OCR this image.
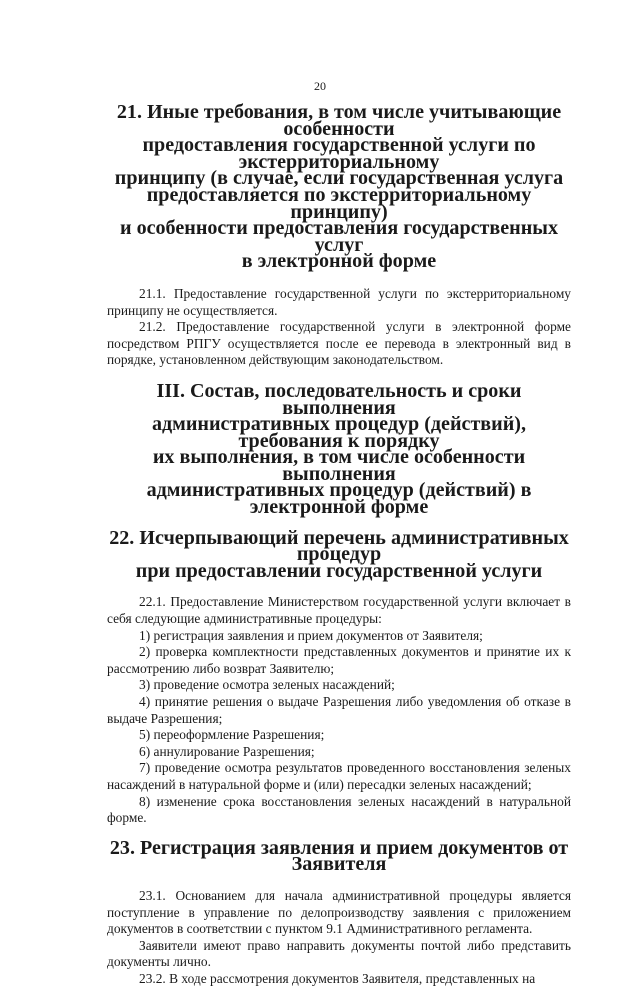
20
21. Иные требования, в том числе учитывающие особенности
предоставления государственной услуги по экстерриториальному
принципу (в случае, если государственная услуга
предоставляется по экстерриториальному принципу)
и особенности предоставления государственных услуг
в электронной форме

21.1. Предоставление государственной услуги по экстерриториальному принципу не осуществляется.

21.2. Предоставление государственной услуги в электронной форме посредством РПГУ осуществляется после ее перевода в электронный вид в порядке, установленном действующим законодательством.

III. Состав, последовательность и сроки выполнения
административных процедур (действий), требования к порядку
их выполнения, в том числе особенности выполнения
административных процедур (действий) в электронной форме
22. Исчерпывающий перечень административных процедур
при предоставлении государственной услуги

22.1. Предоставление Министерством государственной услуги включает в себя следующие административные процедуры:

1) регистрация заявления и прием документов от Заявителя;

2) проверка комплектности представленных документов и принятие их к рассмотрению либо возврат Заявителю;

3) проведение осмотра зеленых насаждений;

4) принятие решения о выдаче Разрешения либо уведомления об отказе в выдаче Разрешения;

5) переоформление Разрешения;

6) аннулирование Разрешения;

7) проведение осмотра результатов проведенного восстановления зеленых насаждений в натуральной форме и (или) пересадки зеленых насаждений;

8) изменение срока восстановления зеленых насаждений в натуральной форме.

23. Регистрация заявления и прием документов от Заявителя

23.1. Основанием для начала административной процедуры является поступление в управление по делопроизводству заявления с приложением документов в соответствии с пунктом 9.1 Административного регламента.

Заявители имеют право направить документы почтой либо представить документы лично.

23.2. В ходе рассмотрения документов Заявителя, представленных на
